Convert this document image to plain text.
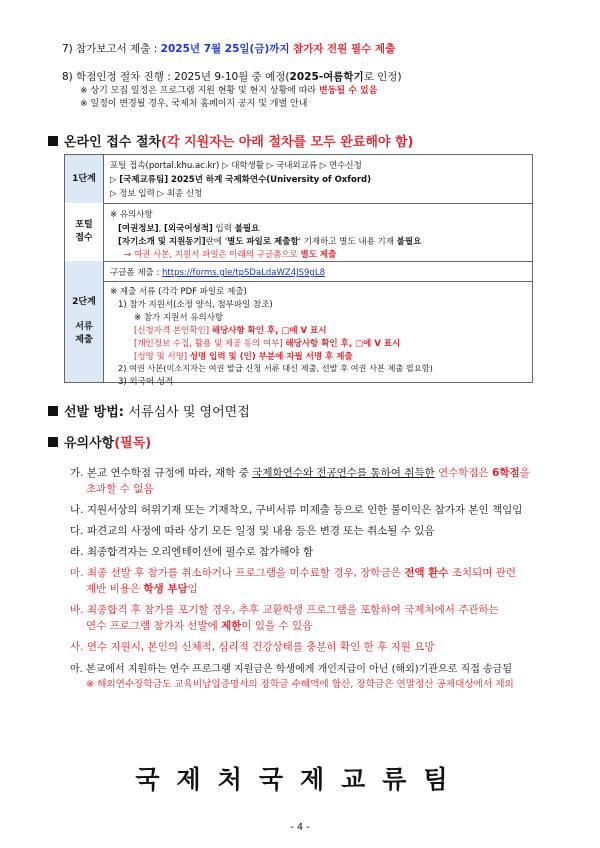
7) 참가보고서 제출 : 2025년 7월 25일(금)까지 참가자 전원 필수 제출
8) 학점인정 절차 진행 : 2025년 9-10월 중 예정(2025-여름학기로 인정)
※ 상기 모집 일정은 프로그램 지원 현황 및 현지 상황에 따라 변동될 수 있음
※ 일정이 변경될 경우, 국제처 홈페이지 공지 및 개별 안내
온라인 접수 절차(각 지원자는 아래 절차를 모두 완료해야 함)
1단계
포털 접속(portal.khu.ac.kr) ▷ 대학생활 ▷ 국내외교류 ▷ 연수신청
▷ [국제교류팀] 2025년 하계 국제화연수(University of Oxford)
▷ 정보 입력 ▷ 최종 신청
포털
접수
※ 유의사항
[여권정보], [외국어성적] 입력 불필요
[자기소개 및 지원동기]란에 '별도 파일로 제출함' 기재하고 별도 내용 기재 불필요
→ 여권 사본, 지원서 파일은 아래의 구글폼으로 별도 제출
2단계
서류
제출
구글폼 제출 : https://forms.gle/tpSDaLdaWZ4JS9gL8
※ 제출 서류 (각각 PDF 파일로 제출)
1) 참가 지원서(소정 양식, 첨부파일 참조)
※ 참가 지원서 유의사항
[신청자격 본인확인] 해당사항 확인 후, □에 V 표시
[개인정보 수집, 활용 및 제공 동의 여부] 해당사항 확인 후, □에 V 표시
[성명 및 서명] 성명 입력 및 (인) 부분에 자필 서명 후 제출
2) 여권 사본(미소지자는 여권 발급 신청 서류 대신 제출, 선발 후 여권 사본 제출 필요함)
3) 외국어 성적
선발 방법: 서류심사 및 영어면접
유의사항(필독)
가. 본교 연수학점 규정에 따라, 재학 중 국제화연수와 전공연수를 통하여 취득한 연수학점은 6학점을
초과할 수 없음
나. 지원서상의 허위기재 또는 기재착오, 구비서류 미제출 등으로 인한 불이익은 참가자 본인 책임임
다. 파견교의 사정에 따라 상기 모든 일정 및 내용 등은 변경 또는 취소될 수 있음
라. 최종합격자는 오리엔테이션에 필수로 참가해야 함
마. 최종 선발 후 참가를 취소하거나 프로그램을 미수료할 경우, 장학금은 전액 환수 조치되며 관련
제반 비용은 학생 부담임
바. 최종합격 후 참가를 포기할 경우, 추후 교환학생 프로그램을 포함하여 국제처에서 주관하는
연수 프로그램 참가자 선발에 제한이 있을 수 있음
사. 연수 지원시, 본인의 신체적, 심리적 건강상태를 충분히 확인 한 후 지원 요망
아. 본교에서 지원하는 연수 프로그램 지원금은 학생에게 개인지급이 아닌 (해외)기관으로 직접 송금됨
※ 해외연수장학금도 교육비납입증명서의 장학금 수혜액에 합산, 장학금은 연말정산 공제대상에서 제외
국제처국제교류팀
- 4 -
